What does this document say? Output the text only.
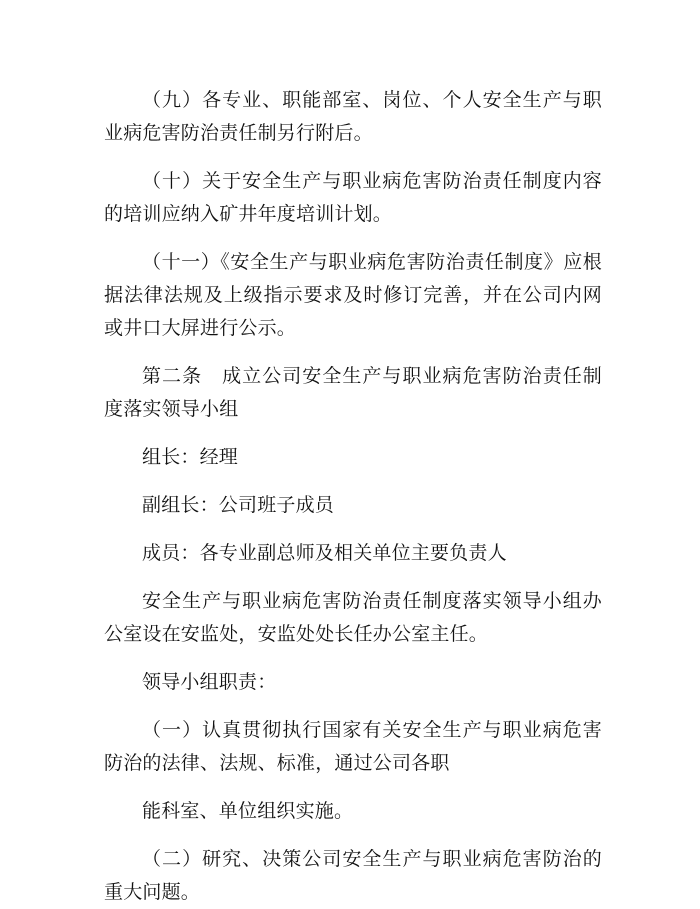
（九）各专业、职能部室、岗位、个人安全生产与职业病危害防治责任制另行附后。

（十）关于安全生产与职业病危害防治责任制度内容的培训应纳入矿井年度培训计划。

（十一）《安全生产与职业病危害防治责任制度》应根据法律法规及上级指示要求及时修订完善，并在公司内网或井口大屏进行公示。

第二条　成立公司安全生产与职业病危害防治责任制度落实领导小组

组长：经理

副组长：公司班子成员

成员：各专业副总师及相关单位主要负责人

安全生产与职业病危害防治责任制度落实领导小组办公室设在安监处，安监处处长任办公室主任。

领导小组职责：

（一）认真贯彻执行国家有关安全生产与职业病危害防治的法律、法规、标准，通过公司各职

能科室、单位组织实施。

（二）研究、决策公司安全生产与职业病危害防治的重大问题。
